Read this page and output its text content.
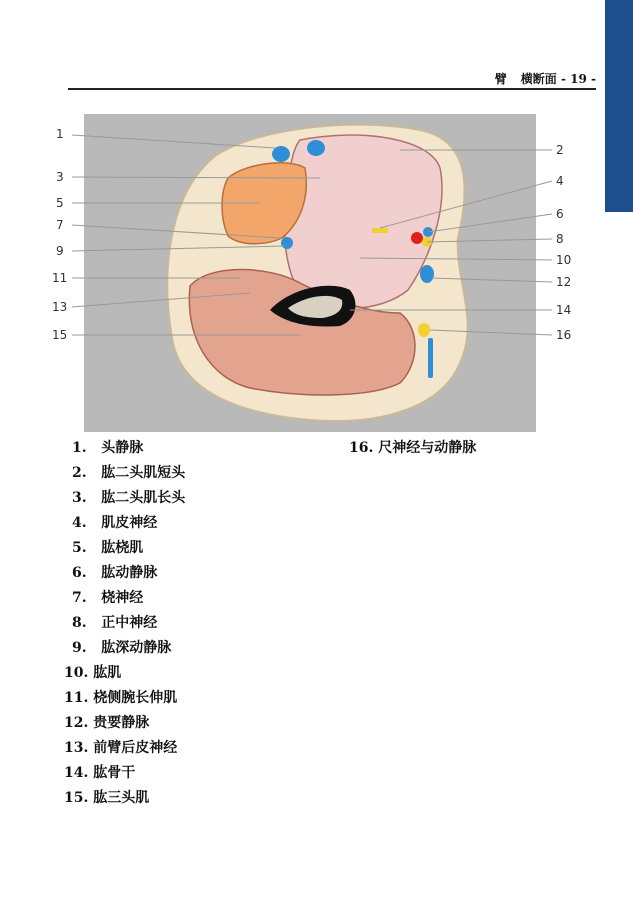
臂 横断面 - 19 -
1
3
5
7
9
11
13
15
2
4
6
8
10
12
14
16
1. 头静脉
2. 肱二头肌短头
3. 肱二头肌长头
4. 肌皮神经
5. 肱桡肌
6. 肱动静脉
7. 桡神经
8. 正中神经
9. 肱深动静脉
10. 肱肌
11. 桡侧腕长伸肌
12. 贵要静脉
13. 前臂后皮神经
14. 肱骨干
15. 肱三头肌
16. 尺神经与动静脉
